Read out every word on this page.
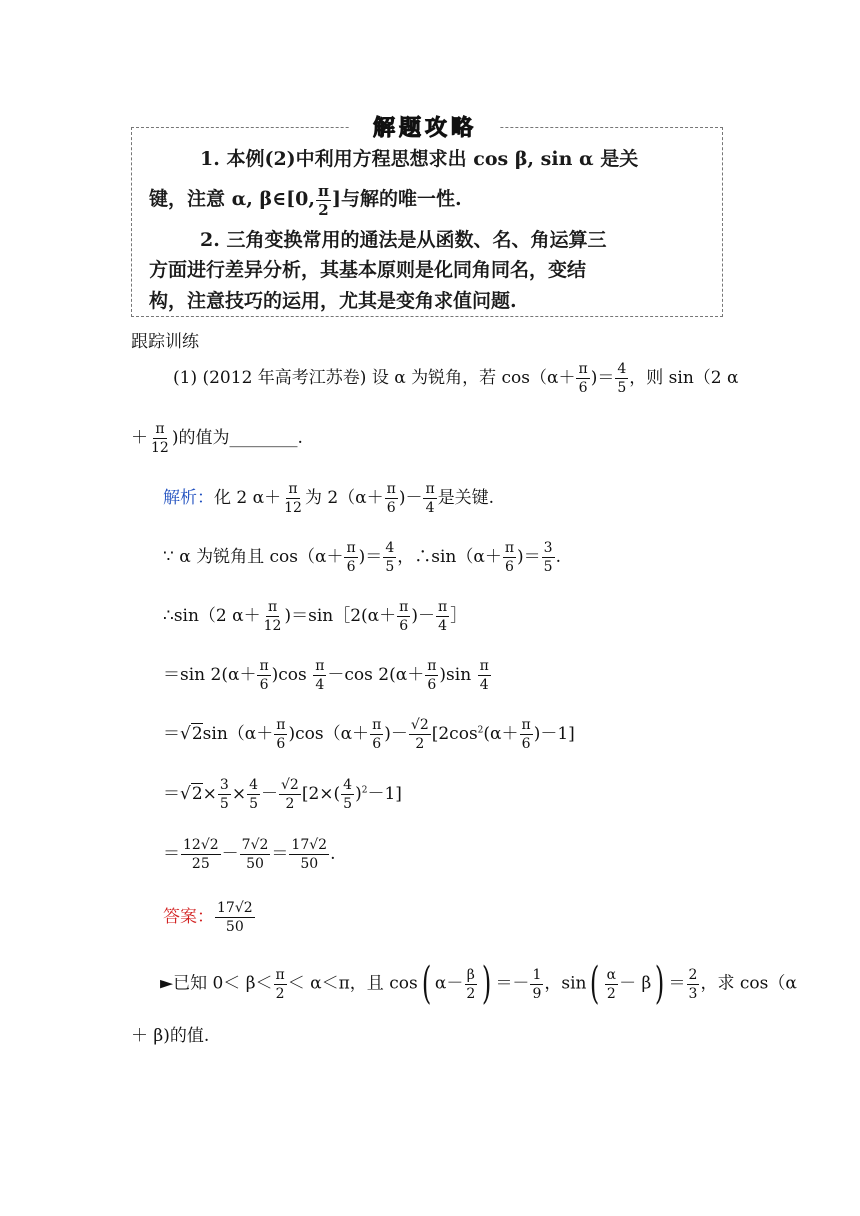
解题攻略
1. 本例(2)中利用方程思想求出 cos β, sin α 是关
键，注意 α, β∈[0, $\frac{\pi}{2}$ ]与解的唯一性.
2. 三角变换常用的通法是从函数、名、角运算三
方面进行差异分析，其基本原则是化同角同名，变结
构，注意技巧的运用，尤其是变角求值问题.
跟踪训练
(1) (2012 年高考江苏卷) 设 α 为锐角，若 $\cos(\alpha+ \frac{\pi}{6}$ )＝ $\frac{4}{5}$ ，则 sin（2 α
＋ $\frac{\pi}{12}$ )的值为________.
解析：化 2 $\alpha+ \frac{\pi}{12}$ 为 $2(\alpha+ \frac{\pi}{6}$ )－ $\frac{\pi}{4}$ 是关键.
∵ α 为锐角且 $\cos(\alpha+ \frac{\pi}{6}$ )＝ $\frac{4}{5}$ ，∴sin（α＋ $\frac{\pi}{6}$ )＝ $\frac{3}{5}$ .
∴sin（2 $\alpha+ \frac{\pi}{12}$ )＝sin［2(α＋ $\frac{\pi}{6}$ )－ $\frac{\pi}{4}$ ］
＝sin $2(\alpha+ \frac{\pi}{6} )\cos \frac{\pi}{4} -\cos$ $2(\alpha+ \frac{\pi}{6} )\sin \frac{\pi}{4}$
$=√2\sin(\alpha+ \frac{\pi}{6} )\cos(\alpha+ \frac{\pi}{6}$ )－ $\frac{√2}{2} [2\cos^2(\alpha+ \frac{\pi}{6} )-1]$
$=√2\times \frac{3}{5} \times \frac{4}{5} - \frac{√2}{2} [2\times( \frac{4}{5} )^2-1]$
＝ $\frac{12√2}{25} - \frac{7√2}{50} = \frac{17√2}{50}$ .
答案： $\frac{17√2}{50}$
►已知 $0< \beta< \frac{\pi}{2} < \alpha<\pi$，且 cos( $\alpha- \frac{\beta}{2}$ ) ＝－ $\frac{1}{9}$ ，$\sin( \frac{\alpha}{2} - \beta) = \frac{2}{3}$ ，求 cos（α
＋ β)的值.
